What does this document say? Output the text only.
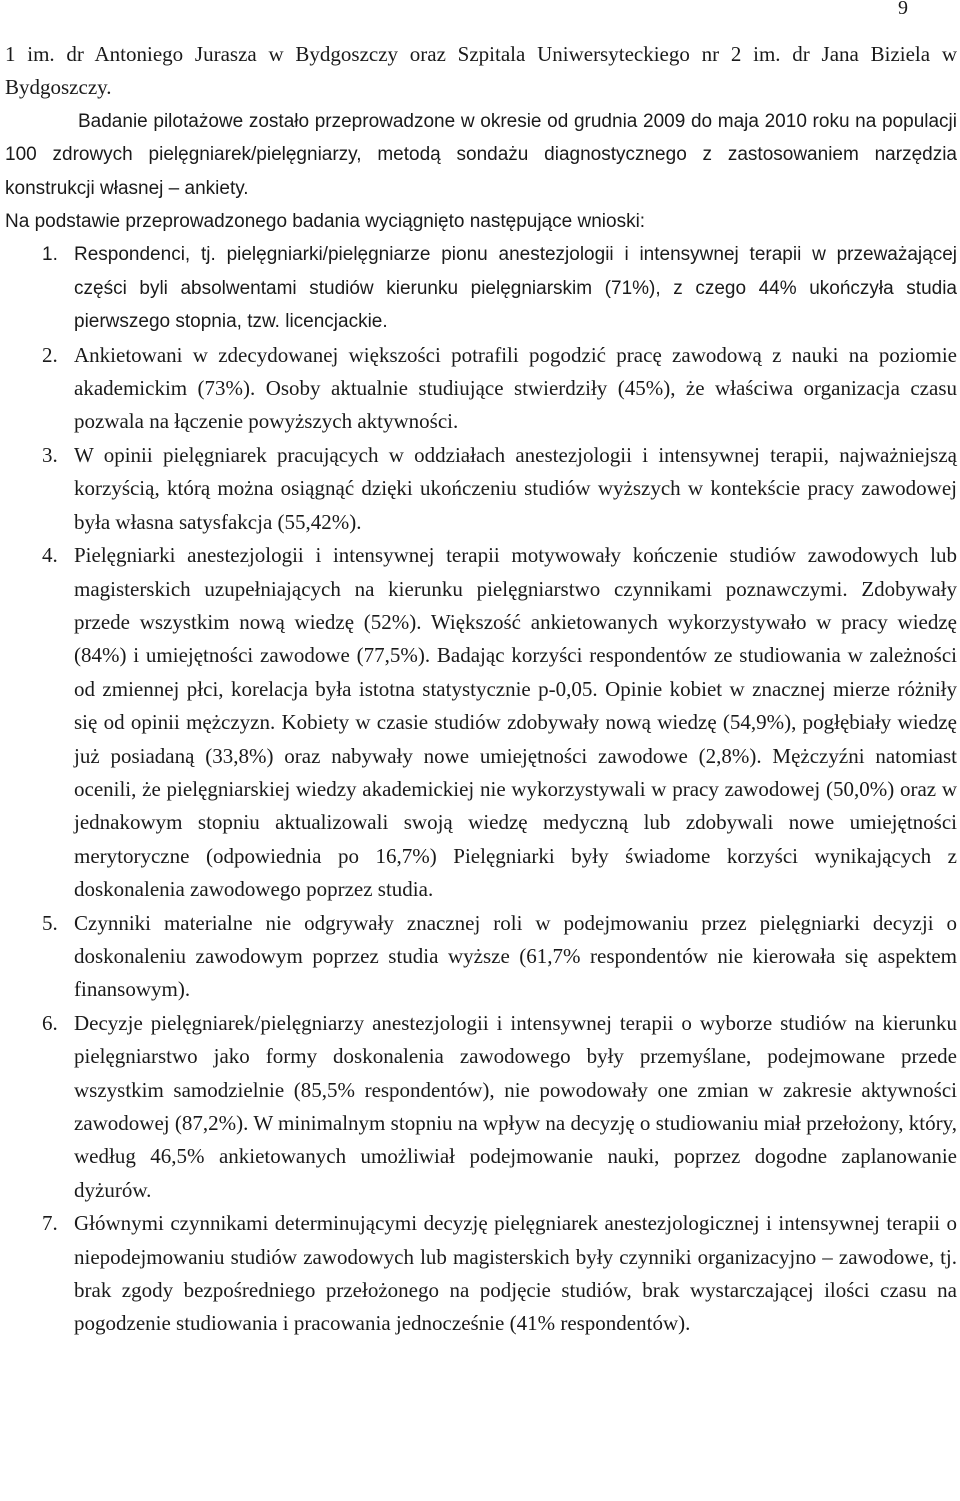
9

1 im. dr Antoniego Jurasza w Bydgoszczy oraz Szpitala Uniwersyteckiego nr 2 im. dr Jana Biziela w Bydgoszczy.

Badanie pilotażowe zostało przeprowadzone w okresie od grudnia 2009 do maja 2010 roku na populacji 100 zdrowych pielęgniarek/pielęgniarzy, metodą sondażu diagnostycznego z zastosowaniem narzędzia konstrukcji własnej – ankiety.

Na podstawie przeprowadzonego badania wyciągnięto następujące wnioski:

1. Respondenci, tj. pielęgniarki/pielęgniarze pionu anestezjologii i intensywnej terapii w przeważającej części byli absolwentami studiów kierunku pielęgniarskim (71%), z czego 44% ukończyła studia pierwszego stopnia, tzw. licencjackie.
2. Ankietowani w zdecydowanej większości potrafili pogodzić pracę zawodową z nauki na poziomie akademickim (73%). Osoby aktualnie studiujące stwierdziły (45%), że właściwa organizacja czasu pozwala na łączenie powyższych aktywności.
3. W opinii pielęgniarek pracujących w oddziałach anestezjologii i intensywnej terapii, najważniejszą korzyścią, którą można osiągnąć dzięki ukończeniu studiów wyższych w kontekście pracy zawodowej była własna satysfakcja (55,42%).
4. Pielęgniarki anestezjologii i intensywnej terapii motywowały kończenie studiów zawodowych lub magisterskich uzupełniających na kierunku pielęgniarstwo czynnikami poznawczymi. Zdobywały przede wszystkim nową wiedzę (52%). Większość ankietowanych wykorzystywało w pracy wiedzę (84%) i umiejętności zawodowe (77,5%). Badając korzyści respondentów ze studiowania w zależności od zmiennej płci, korelacja była istotna statystycznie p-0,05. Opinie kobiet w znacznej mierze różniły się od opinii mężczyzn. Kobiety w czasie studiów zdobywały nową wiedzę (54,9%), pogłębiały wiedzę już posiadaną (33,8%) oraz nabywały nowe umiejętności zawodowe (2,8%). Mężczyźni natomiast ocenili, że pielęgniarskiej wiedzy akademickiej nie wykorzystywali w pracy zawodowej (50,0%) oraz w jednakowym stopniu aktualizowali swoją wiedzę medyczną lub zdobywali nowe umiejętności merytoryczne (odpowiednia po 16,7%) Pielęgniarki były świadome korzyści wynikających z doskonalenia zawodowego poprzez studia.
5. Czynniki materialne nie odgrywały znacznej roli w podejmowaniu przez pielęgniarki decyzji o doskonaleniu zawodowym poprzez studia wyższe (61,7% respondentów nie kierowała się aspektem finansowym).
6. Decyzje pielęgniarek/pielęgniarzy anestezjologii i intensywnej terapii o wyborze studiów na kierunku pielęgniarstwo jako formy doskonalenia zawodowego były przemyślane, podejmowane przede wszystkim samodzielnie (85,5% respondentów), nie powodowały one zmian w zakresie aktywności zawodowej (87,2%). W minimalnym stopniu na wpływ na decyzję o studiowaniu miał przełożony, który, według 46,5% ankietowanych umożliwiał podejmowanie nauki, poprzez dogodne zaplanowanie dyżurów.
7. Głównymi czynnikami determinującymi decyzję pielęgniarek anestezjologicznej i intensywnej terapii o niepodejmowaniu studiów zawodowych lub magisterskich były czynniki organizacyjno – zawodowe, tj. brak zgody bezpośredniego przełożonego na podjęcie studiów, brak wystarczającej ilości czasu na pogodzenie studiowania i pracowania jednocześnie (41% respondentów).
